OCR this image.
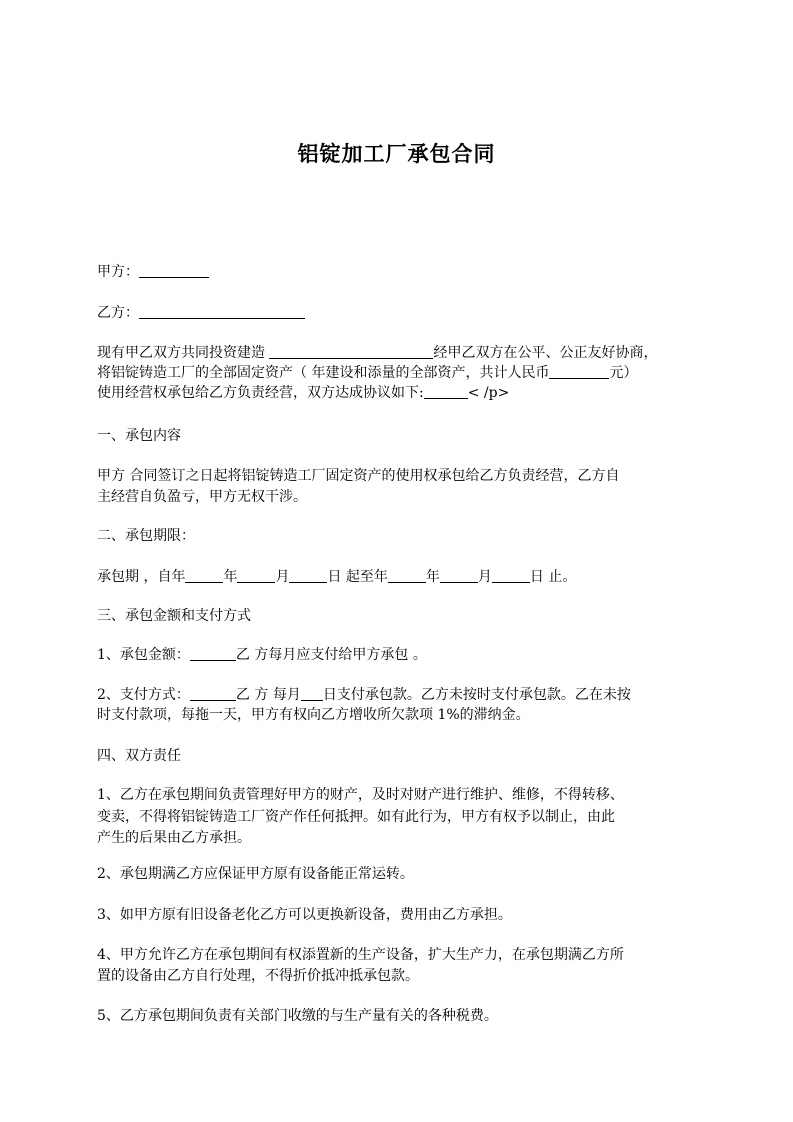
铝锭加工厂承包合同
甲方：
乙方：
现有甲乙双方共同投资建造	经甲乙双方在公平、公正友好协商，
将铝锭铸造工厂的全部固定资产（ 年建设和添量的全部资产，共计人民币	元）
使用经营权承包给乙方负责经营，双方达成协议如下:	< /p>
一、承包内容
甲方 合同签订之日起将铝锭铸造工厂固定资产的使用权承包给乙方负责经营，乙方自
主经营自负盈亏，甲方无权干涉。
二、承包期限：
承包期 ，自年	年	月	日 起至年	年	月	日 止。
三、承包金额和支付方式
1、承包金额：	乙 方每月应支付给甲方承包 。
2、支付方式：	乙 方 每月 日支付承包款。乙方未按时支付承包款。乙在未按
时支付款项，每拖一天，甲方有权向乙方增收所欠款项 1%的滞纳金。
四、双方责任
1、乙方在承包期间负责管理好甲方的财产，及时对财产进行维护、维修，不得转移、
变卖，不得将铝锭铸造工厂资产作任何抵押。如有此行为，甲方有权予以制止，由此
产生的后果由乙方承担。
2、承包期满乙方应保证甲方原有设备能正常运转。
3、如甲方原有旧设备老化乙方可以更换新设备，费用由乙方承担。
4、甲方允许乙方在承包期间有权添置新的生产设备，扩大生产力，在承包期满乙方所
置的设备由乙方自行处理，不得折价抵冲抵承包款。
5、乙方承包期间负责有关部门收缴的与生产量有关的各种税费。
